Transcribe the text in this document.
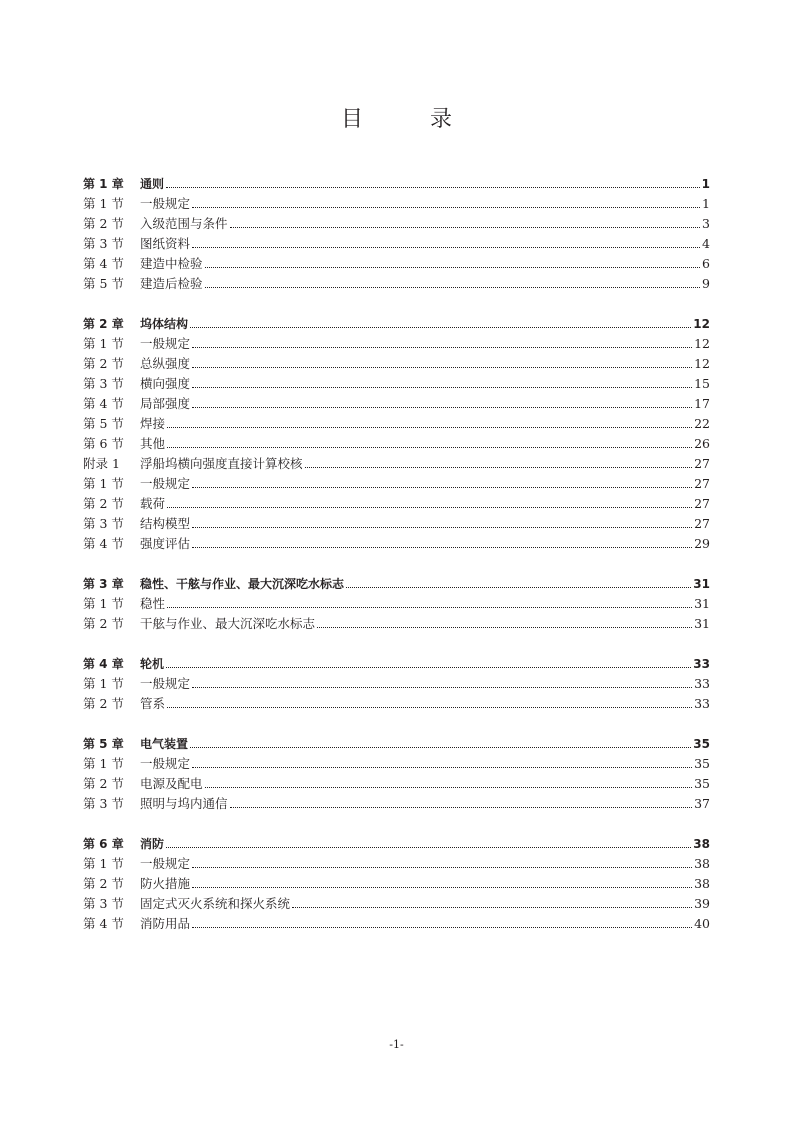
目 录
第 1 章	通则	1
第 1 节	一般规定	1
第 2 节	入级范围与条件	3
第 3 节	图纸资料	4
第 4 节	建造中检验	6
第 5 节	建造后检验	9
第 2 章	坞体结构	12
第 1 节	一般规定	12
第 2 节	总纵强度	12
第 3 节	横向强度	15
第 4 节	局部强度	17
第 5 节	焊接	22
第 6 节	其他	26
附录 1	浮船坞横向强度直接计算校核	27
第 1 节	一般规定	27
第 2 节	载荷	27
第 3 节	结构模型	27
第 4 节	强度评估	29
第 3 章	稳性、干舷与作业、最大沉深吃水标志	31
第 1 节	稳性	31
第 2 节	干舷与作业、最大沉深吃水标志	31
第 4 章	轮机	33
第 1 节	一般规定	33
第 2 节	管系	33
第 5 章	电气装置	35
第 1 节	一般规定	35
第 2 节	电源及配电	35
第 3 节	照明与坞内通信	37
第 6 章	消防	38
第 1 节	一般规定	38
第 2 节	防火措施	38
第 3 节	固定式灭火系统和探火系统	39
第 4 节	消防用品	40
-1-
